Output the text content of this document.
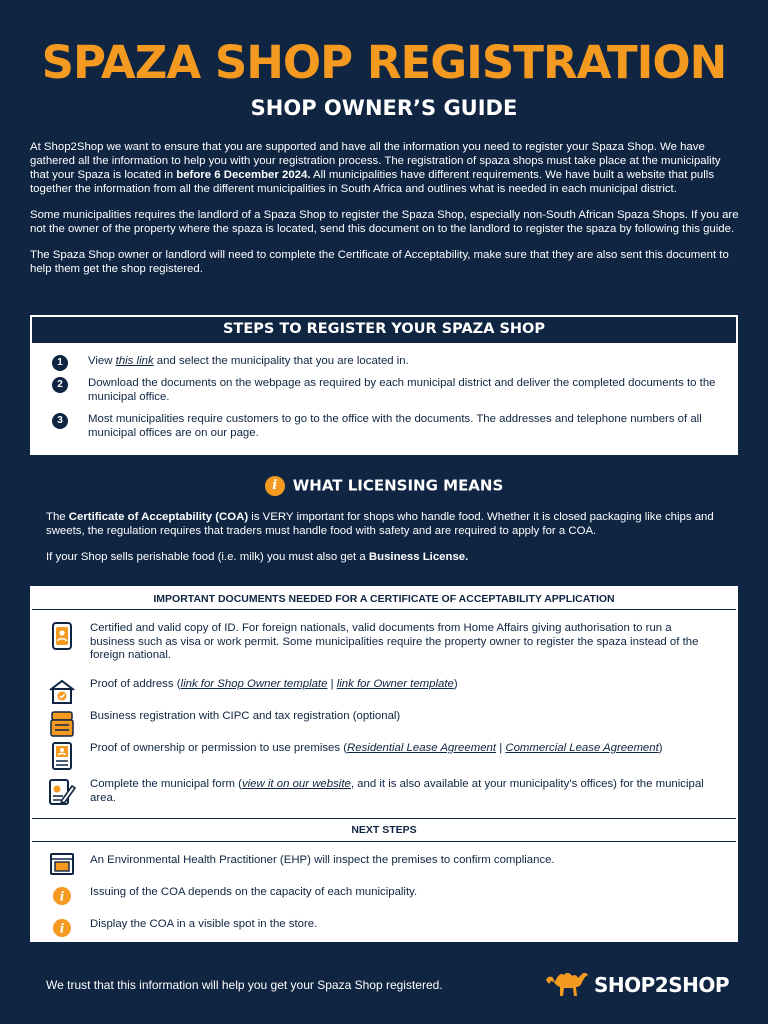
SPAZA SHOP REGISTRATION
SHOP OWNER’S GUIDE

At Shop2Shop we want to ensure that you are supported and have all the information you need to register your Spaza Shop. We have gathered all the information to help you with your registration process. The registration of spaza shops must take place at the municipality that your Spaza is located in before 6 December 2024. All municipalities have different requirements. We have built a website that pulls together the information from all the different municipalities in South Africa and outlines what is needed in each municipal district.

Some municipalities requires the landlord of a Spaza Shop to register the Spaza Shop, especially non-South African Spaza Shops. If you are not the owner of the property where the spaza is located, send this document on to the landlord to register the spaza by following this guide.

The Spaza Shop owner or landlord will need to complete the Certificate of Acceptability, make sure that they are also sent this document to help them get the shop registered.

STEPS TO REGISTER YOUR SPAZA SHOP
1	View this link and select the municipality that you are located in.
2	Download the documents on the webpage as required by each municipal district and deliver the completed documents to the municipal office.
3	Most municipalities require customers to go to the office with the documents. The addresses and telephone numbers of all municipal offices are on our page.
i WHAT LICENSING MEANS

The Certificate of Acceptability (COA) is VERY important for shops who handle food. Whether it is closed packaging like chips and sweets, the regulation requires that traders must handle food with safety and are required to apply for a COA.

If your Shop sells perishable food (i.e. milk) you must also get a Business License.

IMPORTANT DOCUMENTS NEEDED FOR A CERTIFICATE OF ACCEPTABILITY APPLICATION
Certified and valid copy of ID. For foreign nationals, valid documents from Home Affairs giving authorisation to run a business such as visa or work permit. Some municipalities require the property owner to register the spaza instead of the foreign national.
Proof of address (link for Shop Owner template | link for Owner template)
Business registration with CIPC and tax registration (optional)
Proof of ownership or permission to use premises (Residential Lease Agreement | Commercial Lease Agreement)
Complete the municipal form (view it on our website, and it is also available at your municipality’s offices) for the municipal area.
NEXT STEPS
An Environmental Health Practitioner (EHP) will inspect the premises to confirm compliance.
i Issuing of the COA depends on the capacity of each municipality.
i Display the COA in a visible spot in the store.
We trust that this information will help you get your Spaza Shop registered.	SHOP2SHOP
